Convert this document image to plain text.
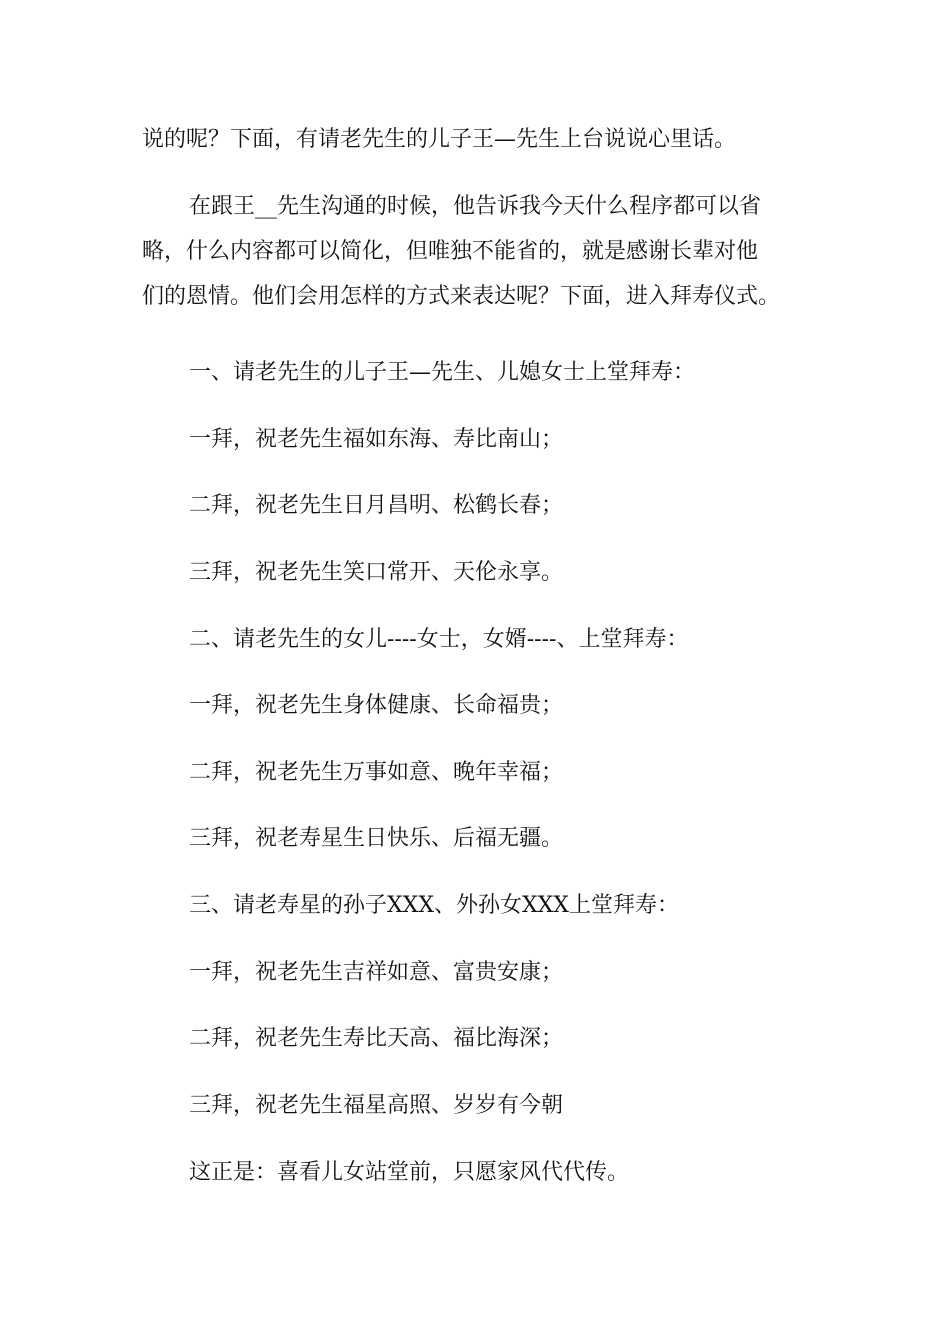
说的呢？下面，有请老先生的儿子王—先生上台说说心里话。

在跟王__先生沟通的时候，他告诉我今天什么程序都可以省
略，什么内容都可以简化，但唯独不能省的，就是感谢长辈对他
们的恩情。他们会用怎样的方式来表达呢？下面，进入拜寿仪式。

一、请老先生的儿子王—先生、儿媳女士上堂拜寿：

一拜，祝老先生福如东海、寿比南山；

二拜，祝老先生日月昌明、松鹤长春；

三拜，祝老先生笑口常开、天伦永享。

二、请老先生的女儿----女士，女婿----、上堂拜寿：

一拜，祝老先生身体健康、长命福贵；

二拜，祝老先生万事如意、晚年幸福；

三拜，祝老寿星生日快乐、后福无疆。

三、请老寿星的孙子XXX、外孙女XXX上堂拜寿：

一拜，祝老先生吉祥如意、富贵安康；

二拜，祝老先生寿比天高、福比海深；

三拜，祝老先生福星高照、岁岁有今朝

这正是：喜看儿女站堂前，只愿家风代代传。
